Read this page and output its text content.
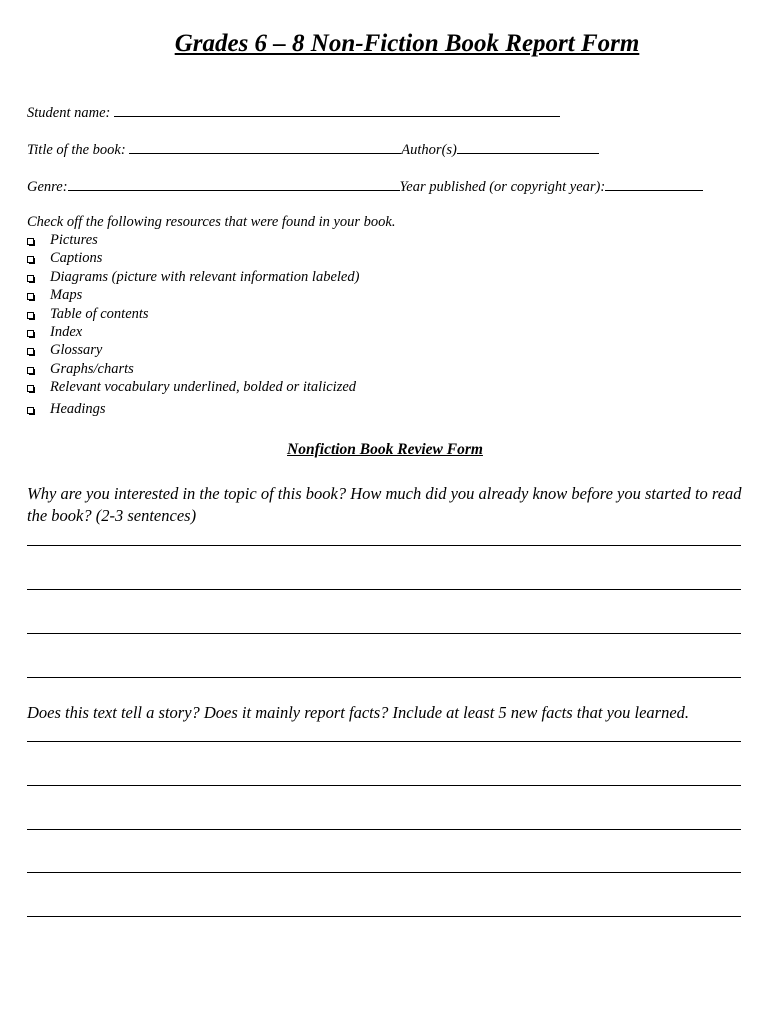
Grades 6 – 8 Non-Fiction Book Report Form
Student name:
Title of the book:	Author(s)
Genre:	Year published (or copyright year):
Check off the following resources that were found in your book.
Pictures
Captions
Diagrams (picture with relevant information labeled)
Maps
Table of contents
Index
Glossary
Graphs/charts
Relevant vocabulary underlined, bolded or italicized
Headings
Nonfiction Book Review Form
Why are you interested in the topic of this book? How much did you already know before you started to read the book? (2-3 sentences)
Does this text tell a story? Does it mainly report facts? Include at least 5 new facts that you learned.
